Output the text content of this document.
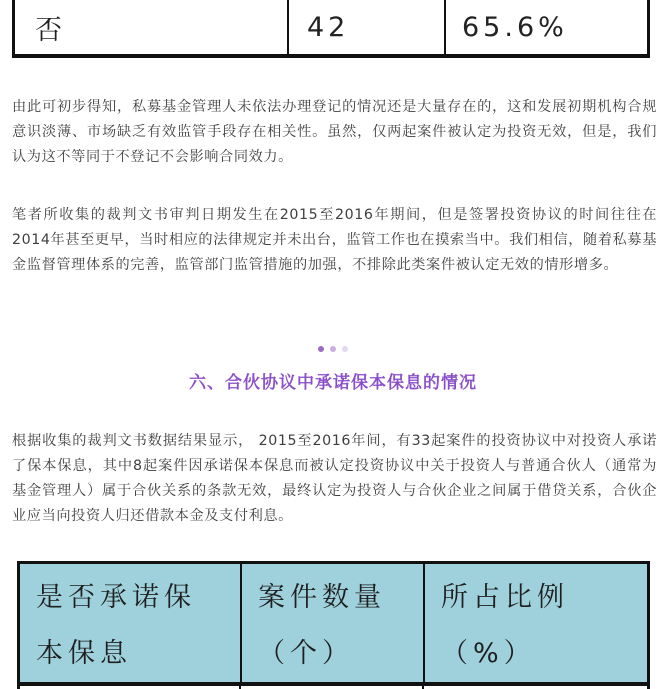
否	42	65.6%

由此可初步得知，私募基金管理人未依法办理登记的情况还是大量存在的，这和发展初期机构合规意识淡薄、市场缺乏有效监管手段存在相关性。虽然，仅两起案件被认定为投资无效，但是，我们认为这不等同于不登记不会影响合同效力。

笔者所收集的裁判文书审判日期发生在2015至2016年期间，但是签署投资协议的时间往往在2014年甚至更早，当时相应的法律规定并未出台，监管工作也在摸索当中。我们相信，随着私募基金监督管理体系的完善，监管部门监管措施的加强，不排除此类案件被认定无效的情形增多。

六、合伙协议中承诺保本保息的情况

根据收集的裁判文书数据结果显示， 2015至2016年间，有33起案件的投资协议中对投资人承诺了保本保息，其中8起案件因承诺保本保息而被认定投资协议中关于投资人与普通合伙人（通常为基金管理人）属于合伙关系的条款无效，最终认定为投资人与合伙企业之间属于借贷关系，合伙企业应当向投资人归还借款本金及支付利息。

是否承诺保本保息
案件数量（个）
所占比例（%）
